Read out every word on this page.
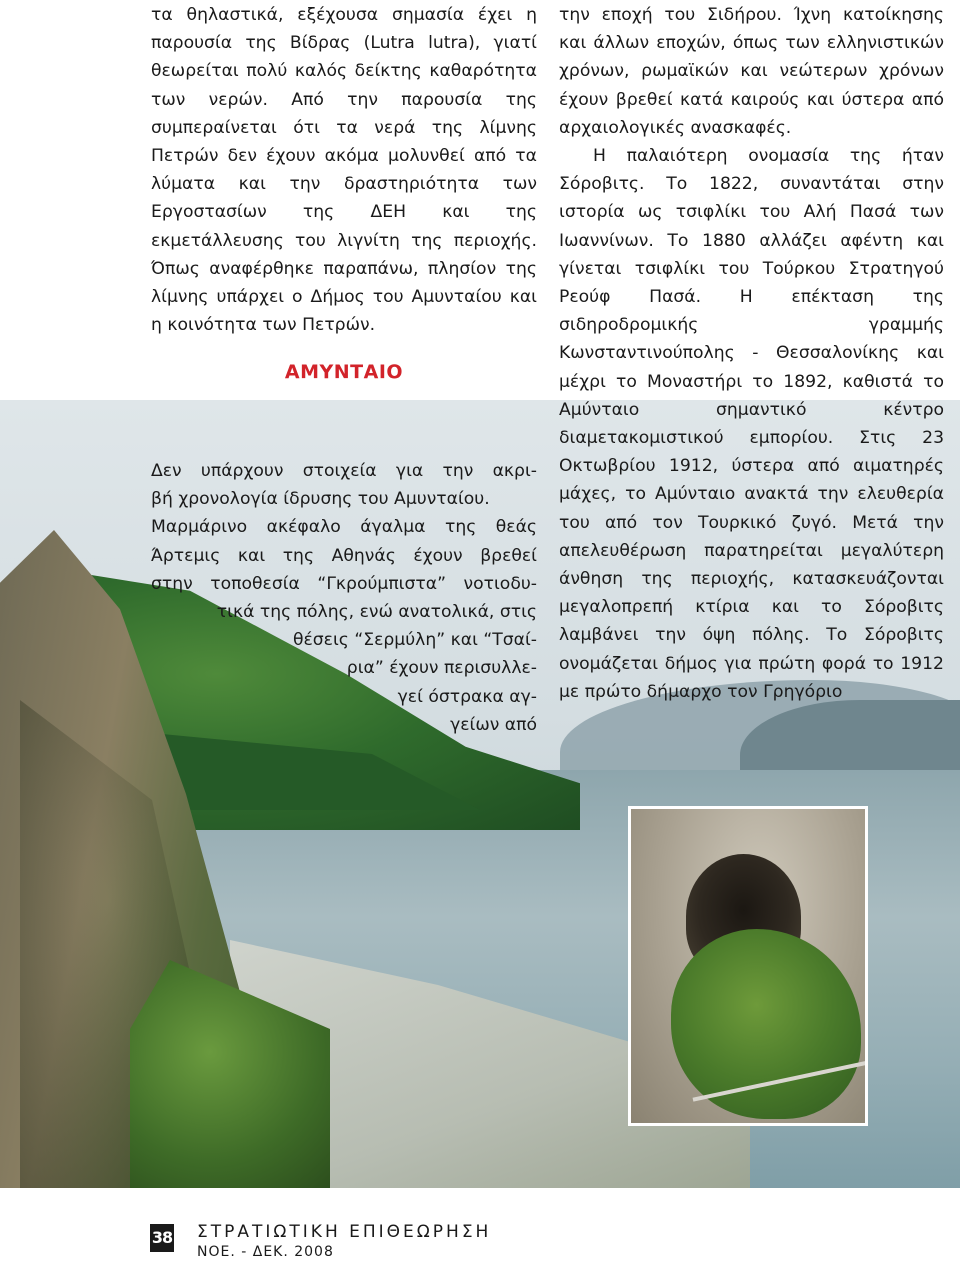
τα θηλαστικά, εξέχουσα σημασία έχει η παρουσία της Βίδρας (Lutra lutra), γιατί θεωρείται πολύ καλός δείκτης καθαρότητα των νερών. Από την παρουσία της συμπεραίνεται ότι τα νερά της λίμνης Πετρών δεν έχουν ακόμα μολυνθεί από τα λύματα και την δραστηριότητα των Εργοστασίων της ΔΕΗ και της εκμετάλλευσης του λιγνίτη της περιοχής. Όπως αναφέρθηκε παραπάνω, πλησίον της λίμνης υπάρχει ο Δήμος του Αμυνταίου και η κοινότητα των Πετρών.

ΑΜΥΝΤΑΙΟ
Δεν υπάρχουν στοιχεία για την ακρι-
βή χρονολογία ίδρυσης του Αμυνταίου.
Μαρμάρινο ακέφαλο άγαλμα της θεάς
Άρτεμις και της Αθηνάς έχουν βρεθεί
στην τοποθεσία “Γκρούμπιστα” νοτιοδυ-
τικά της πόλης, ενώ ανατολικά, στις
θέσεις “Σερμύλη” και “Τσαί-
ρια” έχουν περισυλλε-
γεί όστρακα αγ-
γείων από

την εποχή του Σιδήρου. Ίχνη κατοίκησης και άλλων εποχών, όπως των ελληνιστικών χρόνων, ρωμαϊκών και νεώτερων χρόνων έχουν βρεθεί κατά καιρούς και ύστερα από αρχαιολογικές ανασκαφές.

Η παλαιότερη ονομασία της ήταν Σόροβιτς. Το 1822, συναντάται στην ιστορία ως τσιφλίκι του Αλή Πασά των Ιωαννίνων. Το 1880 αλλάζει αφέντη και γίνεται τσιφλίκι του Τούρκου Στρατηγού Ρεούφ Πασά. Η επέκταση της σιδηροδρομικής γραμμής Κωνσταντινούπολης - Θεσσαλονίκης και μέχρι το Μοναστήρι το 1892, καθιστά το Αμύνταιο σημαντικό κέντρο διαμετακομιστικού εμπορίου. Στις 23 Οκτωβρίου 1912, ύστερα από αιματηρές μάχες, το Αμύνταιο ανακτά την ελευθερία του από τον Τουρκικό ζυγό. Μετά την απελευθέρωση παρατηρείται μεγαλύτερη άνθηση της περιοχής, κατασκευάζονται μεγαλοπρεπή κτίρια και το Σόροβιτς λαμβάνει την όψη πόλης. Το Σόροβιτς ονομάζεται δήμος για πρώτη φορά το 1912 με πρώτο δήμαρχο τον Γρηγόριο

38 ΣΤΡΑΤΙΩΤΙΚΗ ΕΠΙΘΕΩΡΗΣΗ
ΝΟΕ. - ΔΕΚ. 2008
